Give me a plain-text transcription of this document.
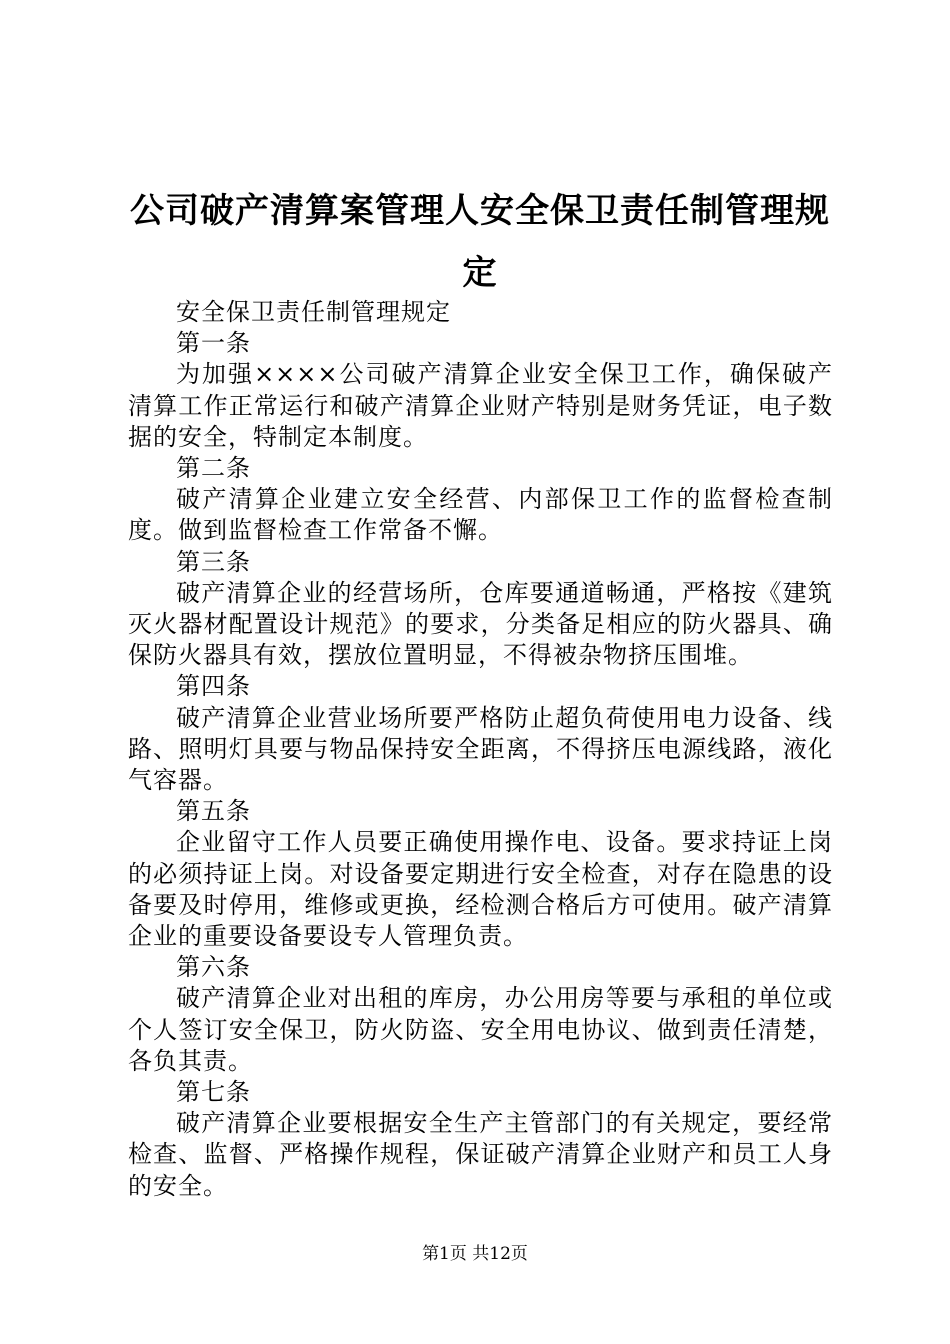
公司破产清算案管理人安全保卫责任制管理规定

安全保卫责任制管理规定

第一条

为加强××××公司破产清算企业安全保卫工作，确保破产清算工作正常运行和破产清算企业财产特别是财务凭证，电子数据的安全，特制定本制度。

第二条

破产清算企业建立安全经营、内部保卫工作的监督检查制度。做到监督检查工作常备不懈。

第三条

破产清算企业的经营场所，仓库要通道畅通，严格按《建筑灭火器材配置设计规范》的要求，分类备足相应的防火器具、确保防火器具有效，摆放位置明显，不得被杂物挤压围堆。

第四条

破产清算企业营业场所要严格防止超负荷使用电力设备、线路、照明灯具要与物品保持安全距离，不得挤压电源线路，液化气容器。

第五条

企业留守工作人员要正确使用操作电、设备。要求持证上岗的必须持证上岗。对设备要定期进行安全检查，对存在隐患的设备要及时停用，维修或更换，经检测合格后方可使用。破产清算企业的重要设备要设专人管理负责。

第六条

破产清算企业对出租的库房，办公用房等要与承租的单位或个人签订安全保卫，防火防盗、安全用电协议、做到责任清楚，各负其责。

第七条

破产清算企业要根据安全生产主管部门的有关规定，要经常检查、监督、严格操作规程，保证破产清算企业财产和员工人身的安全。

第1页 共12页
